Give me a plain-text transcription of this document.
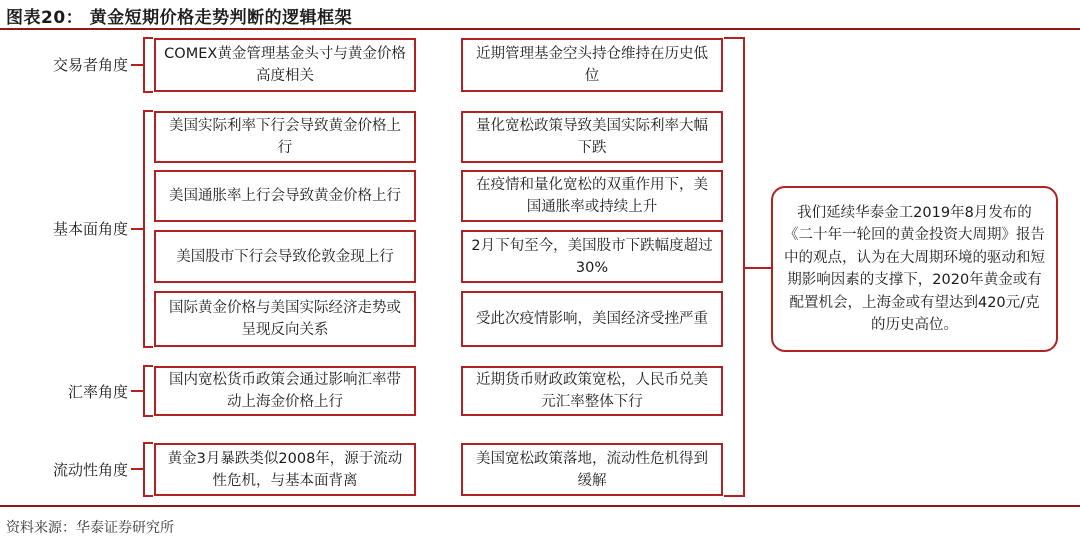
图表20： 黄金短期价格走势判断的逻辑框架
交易者角度
基本面角度
汇率角度
流动性角度
COMEX黄金管理基金头寸与黄金价格高度相关
美国实际利率下行会导致黄金价格上行
美国通胀率上行会导致黄金价格上行
美国股市下行会导致伦敦金现上行
国际黄金价格与美国实际经济走势或呈现反向关系
国内宽松货币政策会通过影响汇率带动上海金价格上行
黄金3月暴跌类似2008年，源于流动性危机，与基本面背离
近期管理基金空头持仓维持在历史低位
量化宽松政策导致美国实际利率大幅下跌
在疫情和量化宽松的双重作用下，美国通胀率或持续上升
2月下旬至今，美国股市下跌幅度超过30%
受此次疫情影响，美国经济受挫严重
近期货币财政政策宽松，人民币兑美元汇率整体下行
美国宽松政策落地，流动性危机得到缓解
我们延续华泰金工2019年8月发布的《二十年一轮回的黄金投资大周期》报告中的观点，认为在大周期环境的驱动和短期影响因素的支撑下，2020年黄金或有配置机会，上海金或有望达到420元/克的历史高位。
资料来源：华泰证券研究所
